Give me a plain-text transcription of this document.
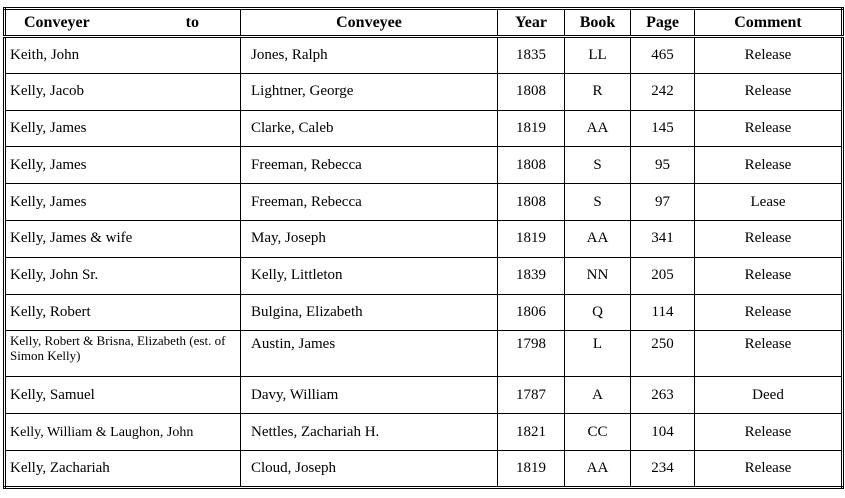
Conveyer to	Conveyee	Year	Book	Page	Comment
Keith, John	Jones, Ralph	1835	LL	465	Release
Kelly, Jacob	Lightner, George	1808	R	242	Release
Kelly, James	Clarke, Caleb	1819	AA	145	Release
Kelly, James	Freeman, Rebecca	1808	S	95	Release
Kelly, James	Freeman, Rebecca	1808	S	97	Lease
Kelly, James & wife	May, Joseph	1819	AA	341	Release
Kelly, John Sr.	Kelly, Littleton	1839	NN	205	Release
Kelly, Robert	Bulgina, Elizabeth	1806	Q	114	Release
Kelly, Robert & Brisna, Elizabeth (est. of Simon Kelly)	Austin, James	1798	L	250	Release
Kelly, Samuel	Davy, William	1787	A	263	Deed
Kelly, William & Laughon, John	Nettles, Zachariah H.	1821	CC	104	Release
Kelly, Zachariah	Cloud, Joseph	1819	AA	234	Release
